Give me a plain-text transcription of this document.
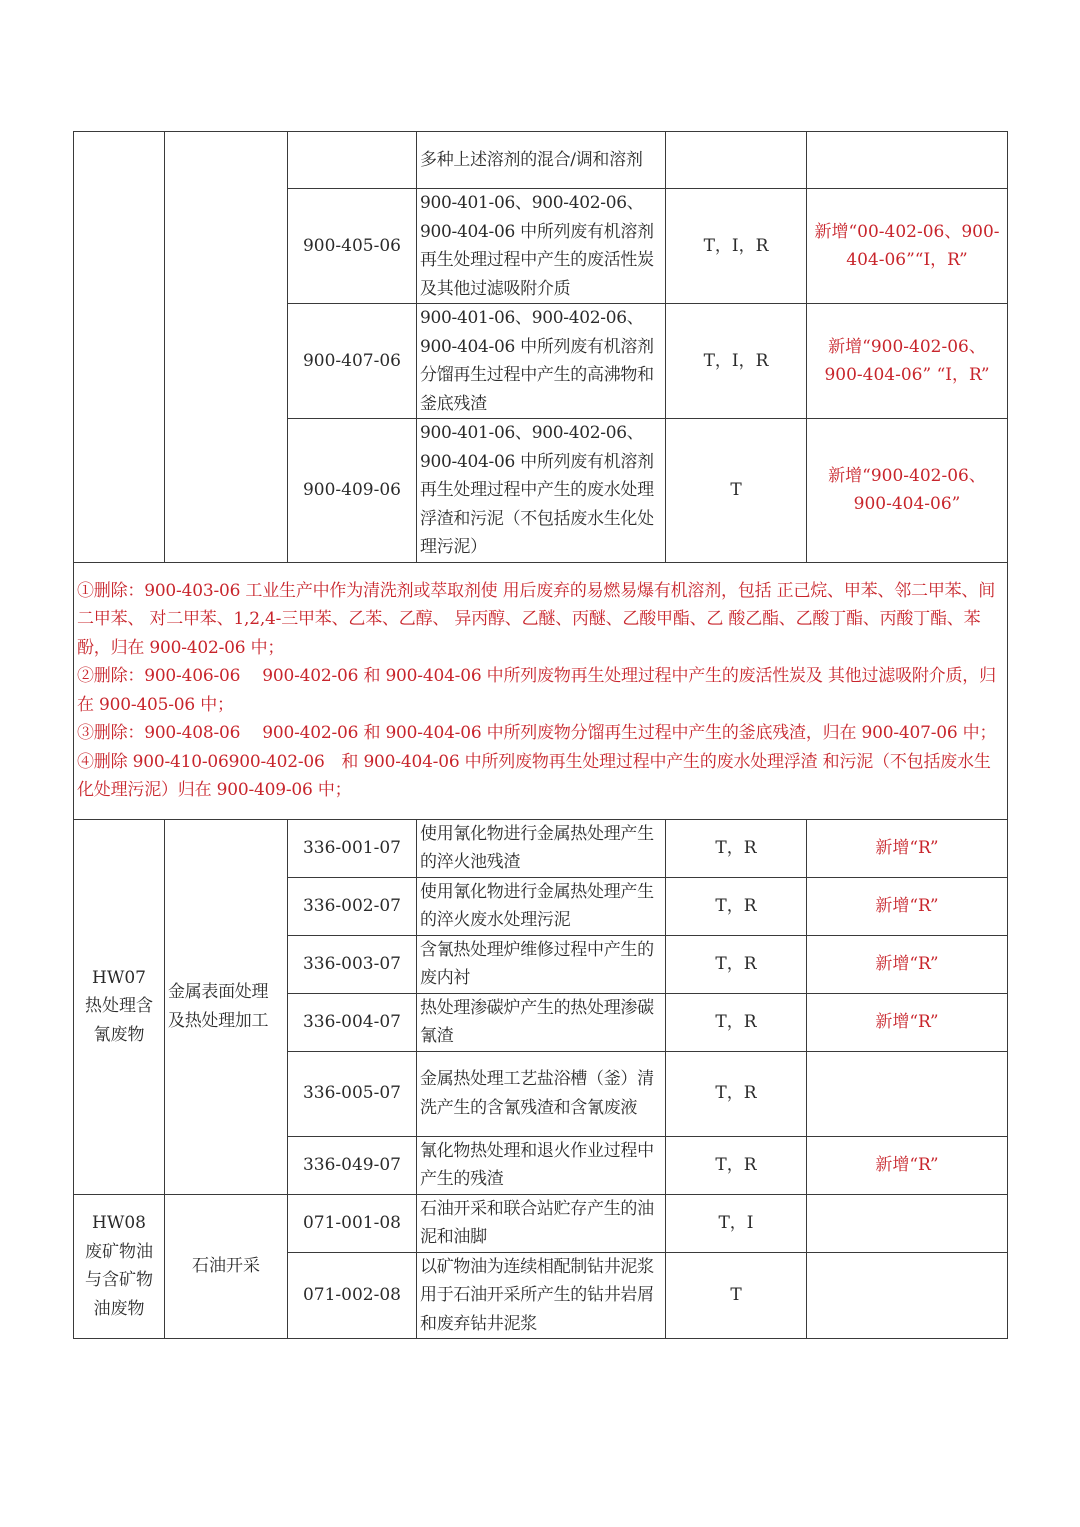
			多种上述溶剂的混合/调和溶剂		
		900-405-06	900-401-06、900-402-06、900-404-06 中所列废有机溶剂再生处理过程中产生的废活性炭及其他过滤吸附介质	T，I，R	新增“00-402-06、900-404-06”“I，R”
		900-407-06	900-401-06、900-402-06、900-404-06 中所列废有机溶剂分馏再生过程中产生的高沸物和釜底残渣	T，I，R	新增“900-402-06、900-404-06” “I，R”
		900-409-06	900-401-06、900-402-06、900-404-06 中所列废有机溶剂再生处理过程中产生的废水处理浮渣和污泥（不包括废水生化处理污泥）	T	新增“900-402-06、900-404-06”

①删除：900-403-06 工业生产中作为清洗剂或萃取剂使 用后废弃的易燃易爆有机溶剂，包括 正己烷、甲苯、邻二甲苯、间二甲苯、 对二甲苯、1,2,4-三甲苯、乙苯、乙醇、 异丙醇、乙醚、丙醚、乙酸甲酯、乙 酸乙酯、乙酸丁酯、丙酸丁酯、苯酚，归在 900-402-06 中；
②删除：900-406-06　 900-402-06 和 900-404-06 中所列废物再生处理过程中产生的废活性炭及 其他过滤吸附介质，归在 900-405-06 中；
③删除：900-408-06　 900-402-06 和 900-404-06 中所列废物分馏再生过程中产生的釜底残渣，归在 900-407-06 中；
④删除 900-410-06900-402-06　和 900-404-06 中所列废物再生处理过程中产生的废水处理浮渣 和污泥（不包括废水生化处理污泥）归在 900-409-06 中；					

HW07
热处理含氰废物	金属表面处理及热处理加工	336-001-07	使用氰化物进行金属热处理产生的淬火池残渣	T，R	新增“R”
		336-002-07	使用氰化物进行金属热处理产生的淬火废水处理污泥	T，R	新增“R”
		336-003-07	含氰热处理炉维修过程中产生的废内衬	T，R	新增“R”
		336-004-07	热处理渗碳炉产生的热处理渗碳氰渣	T，R	新增“R”
		336-005-07	金属热处理工艺盐浴槽（釜）清洗产生的含氰残渣和含氰废液	T，R	
		336-049-07	氰化物热处理和退火作业过程中产生的残渣	T，R	新增“R”

HW08
废矿物油与含矿物油废物	石油开采	071-001-08	石油开采和联合站贮存产生的油泥和油脚	T，I	
		071-002-08	以矿物油为连续相配制钻井泥浆用于石油开采所产生的钻井岩屑和废弃钻井泥浆	T	
